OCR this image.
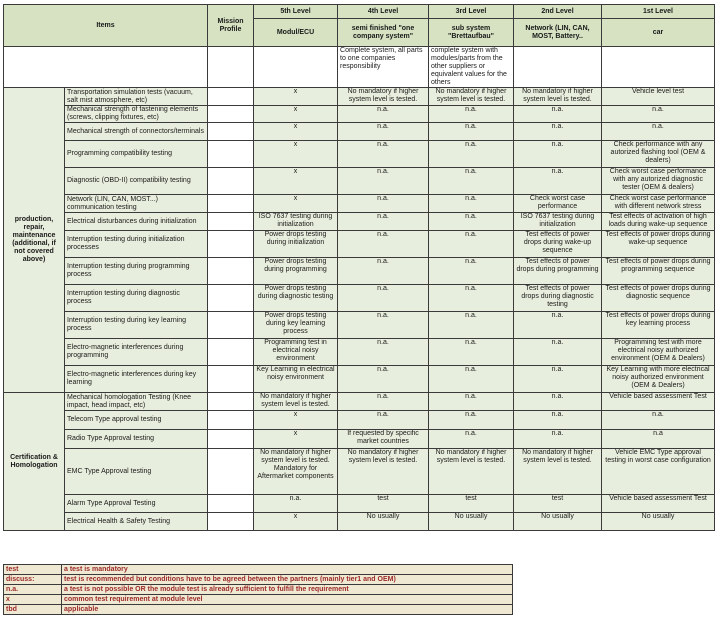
Items		Mission Profile	5th Level	4th Level	3rd Level	2nd Level	1st Level
			Modul/ECU	semi finished "one company system"	sub system "Brettaufbau"	Network (LIN, CAN, MOST, Battery..	car
				Complete system, all parts to one companies responsibility	complete system with modules/parts from the other suppliers or equivalent values for the others		
production, repair, maintenance (additional, if not covered above)	Transportation simulation tests (vacuum, salt mist atmosphere, etc)		x	No mandatory if higher system level is tested.	No mandatory if higher system level is tested.	No mandatory if higher system level is tested.	Vehicle level test
	Mechanical strength of fastening elements (screws, clipping fixtures, etc)		x	n.a.	n.a.	n.a.	n.a.
	Mechanical strength of connectors/terminals		x	n.a.	n.a.	n.a.	n.a.
	Programming compatibility testing		x	n.a.	n.a.	n.a.	Check performance with any autorized flashing tool (OEM & dealers)
	Diagnostic (OBD-II) compatibility testing		x	n.a.	n.a.	n.a.	Check worst case performance with any autorized diagnostic tester (OEM & dealers)
	Network (LIN, CAN, MOST...) communication testing		x	n.a.	n.a.	Check worst case performance	Check worst case performance with different network stress
	Electrical disturbances during initialization		ISO 7637 testing during initialization	n.a.	n.a.	ISO 7637 testing during initialization	Test effects of activation of high loads during wake-up sequence
	Interruption testing during initialization processes		Power drops testing during initialization	n.a.	n.a.	Test effects of power drops during wake-up sequence	Test effects of power drops during wake-up sequence
	Interruption testing during programming process		Power drops testing during programming	n.a.	n.a.	Test effects of power drops during programming	Test effects of power drops during programming sequence
	Interruption testing during diagnostic process		Power drops testing during diagnostic testing	n.a.	n.a.	Test effects of power drops during diagnostic testing	Test effects of power drops during diagnostic sequence
	Interruption testing during key learning process		Power drops testing during key learning process	n.a.	n.a.	n.a.	Test effects of power drops during key learning process
	Electro-magnetic interferences during programming		Programming test in electrical noisy environment	n.a.	n.a.	n.a.	Programming test with more electrical noisy authorized environment (OEM & Dealers)
	Electro-magnetic interferences during key learning		Key Learning in electrical noisy environment	n.a.	n.a.	n.a.	Key Learning with more electrical noisy authorized environment (OEM & Dealers)
Certification & Homologation	Mechanical homologation Testing (Knee impact, head impact, etc)		No mandatory if higher system level is tested.	n.a.	n.a.	n.a.	Vehicle based assessment Test
	Telecom Type approval testing		x	n.a.	n.a.	n.a.	n.a.
	Radio Type Approval testing		x	If requested by specific market countries	n.a.	n.a.	n.a
	EMC Type Approval testing		No mandatory if higher system level is tested. Mandatory for Aftermarket components	No mandatory if higher system level is tested.	No mandatory if higher system level is tested.	No mandatory if higher system level is tested.	Vehicle EMC Type approval testing in worst case configuration
	Alarm Type Approval Testing		n.a.	test	test	test	Vehicle based assessment Test
	Electrical Health & Safety Testing		x	No usually	No usually	No usually	No usually
test	a test is mandatory
discuss:	test is recommended but conditions have to be agreed between the partners (mainly tier1 and OEM)
n.a.	a test is not possible OR the module test is already sufficient to fulfill the requirement
x	common test requirement at module level
tbd	applicable
